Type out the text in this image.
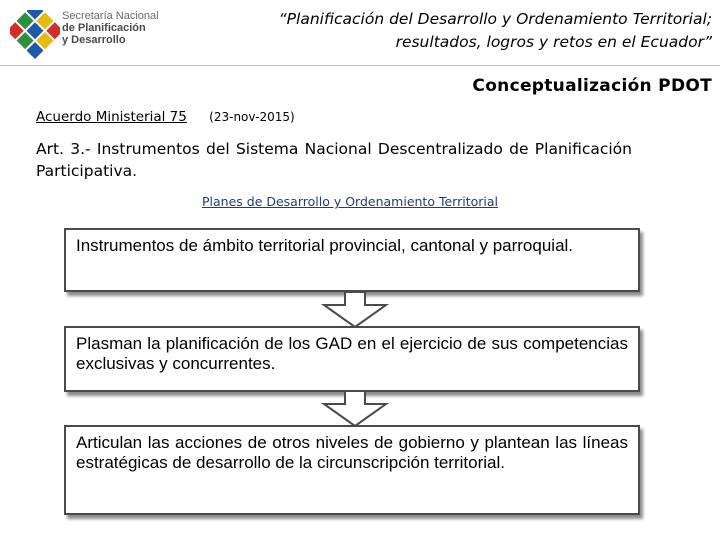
Secretaría Nacional
de Planificación
y Desarrollo
“Planificación del Desarrollo y Ordenamiento Territorial;
resultados, logros y retos en el Ecuador”
Conceptualización PDOT
Acuerdo Ministerial 75 (23-nov-2015)
Art. 3.- Instrumentos del Sistema Nacional Descentralizado de Planificación Participativa.
Planes de Desarrollo y Ordenamiento Territorial
Instrumentos de ámbito territorial provincial, cantonal y parroquial.
Plasman la planificación de los GAD en el ejercicio de sus competencias exclusivas y concurrentes.
Articulan las acciones de otros niveles de gobierno y plantean las líneas estratégicas de desarrollo de la circunscripción territorial.
